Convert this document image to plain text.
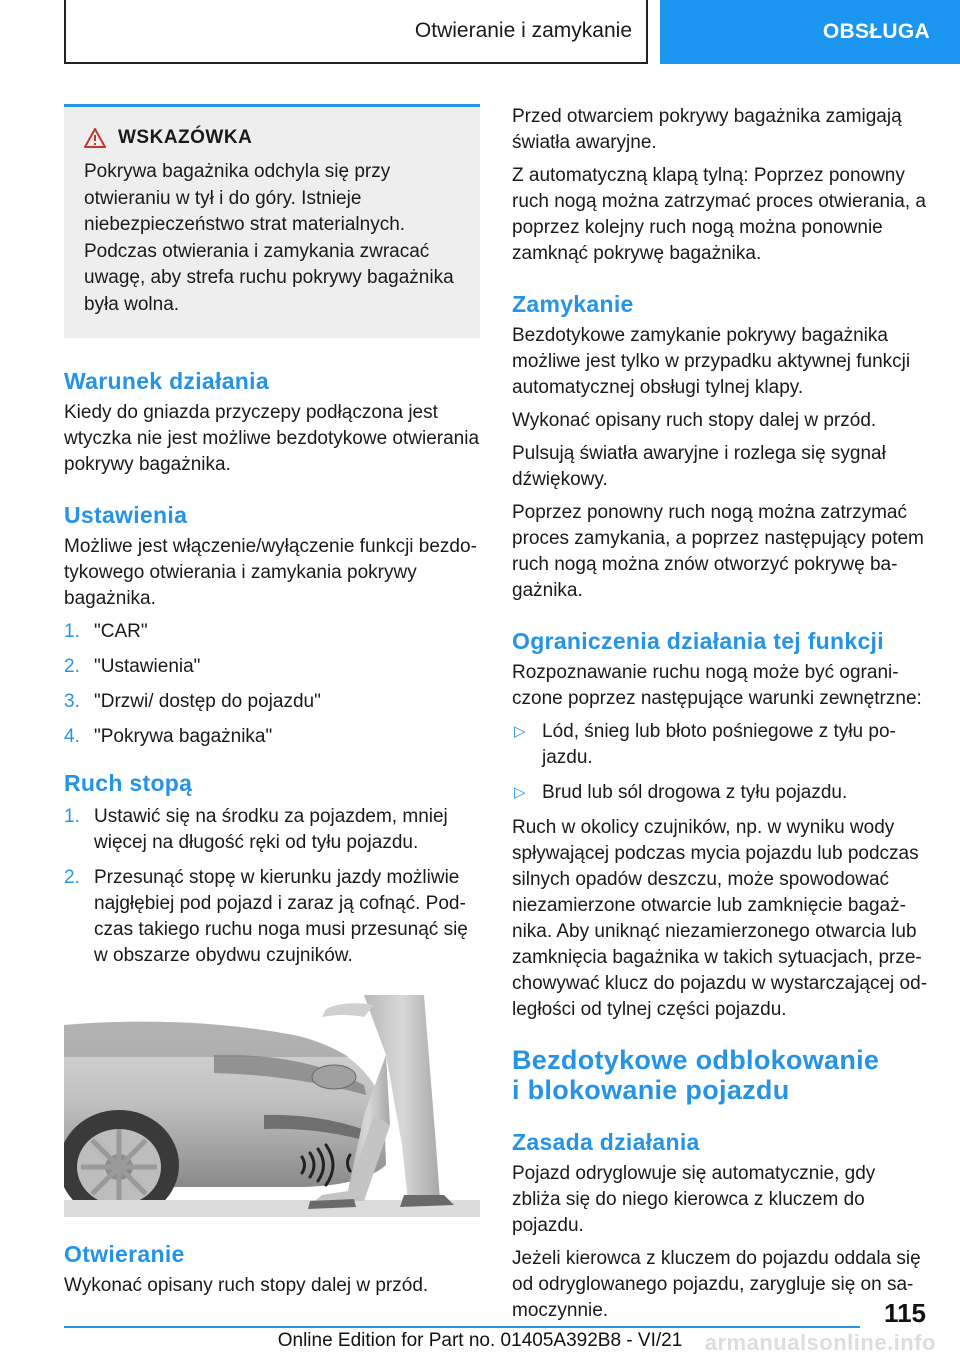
Otwieranie i zamykanie	OBSŁUGA
WSKAZÓWKA

Pokrywa bagażnika odchyla się przy otwieraniu w tył i do góry. Istnieje niebezpieczeństwo strat materialnych. Podczas otwierania i zamykania zwracać uwagę, aby strefa ruchu pokrywy bagażnika była wolna.

Warunek działania

Kiedy do gniazda przyczepy podłączona jest wtyczka nie jest możliwe bezdotykowe otwierania pokrywy bagażnika.

Ustawienia

Możliwe jest włączenie/wyłączenie funkcji bezdotykowego otwierania i zamykania pokrywy bagażnika.

1. "CAR"
2. "Ustawienia"
3. "Drzwi/ dostęp do pojazdu"
4. "Pokrywa bagażnika"
Ruch stopą
1. Ustawić się na środku za pojazdem, mniej więcej na długość ręki od tyłu pojazdu.
2. Przesunąć stopę w kierunku jazdy możliwie najgłębiej pod pojazd i zaraz ją cofnąć. Podczas takiego ruchu noga musi przesunąć się w obszarze obydwu czujników.
Otwieranie

Wykonać opisany ruch stopy dalej w przód.

Przed otwarciem pokrywy bagażnika zamigają światła awaryjne.

Z automatyczną klapą tylną: Poprzez ponowny ruch nogą można zatrzymać proces otwierania, a poprzez kolejny ruch nogą można ponownie zamknąć pokrywę bagażnika.

Zamykanie

Bezdotykowe zamykanie pokrywy bagażnika możliwe jest tylko w przypadku aktywnej funkcji automatycznej obsługi tylnej klapy.

Wykonać opisany ruch stopy dalej w przód.

Pulsują światła awaryjne i rozlega się sygnał dźwiękowy.

Poprzez ponowny ruch nogą można zatrzymać proces zamykania, a poprzez następujący potem ruch nogą można znów otworzyć pokrywę bagażnika.

Ograniczenia działania tej funkcji

Rozpoznawanie ruchu nogą może być ograniczone poprzez następujące warunki zewnętrzne:

▷ Lód, śnieg lub błoto pośniegowe z tyłu pojazdu.
▷ Brud lub sól drogowa z tyłu pojazdu.

Ruch w okolicy czujników, np. w wyniku wody spływającej podczas mycia pojazdu lub podczas silnych opadów deszczu, może spowodować niezamierzone otwarcie lub zamknięcie bagażnika. Aby uniknąć niezamierzonego otwarcia lub zamknięcia bagażnika w takich sytuacjach, przechowywać klucz do pojazdu w wystarczającej odległości od tylnej części pojazdu.

Bezdotykowe odblokowanie
i blokowanie pojazdu
Zasada działania

Pojazd odryglowuje się automatycznie, gdy zbliża się do niego kierowca z kluczem do pojazdu.

Jeżeli kierowca z kluczem do pojazdu oddala się od odryglowanego pojazdu, zarygluje się on samoczynnie.	115
Online Edition for Part no. 01405A392B8 - VI/21	armanualsonline.info
